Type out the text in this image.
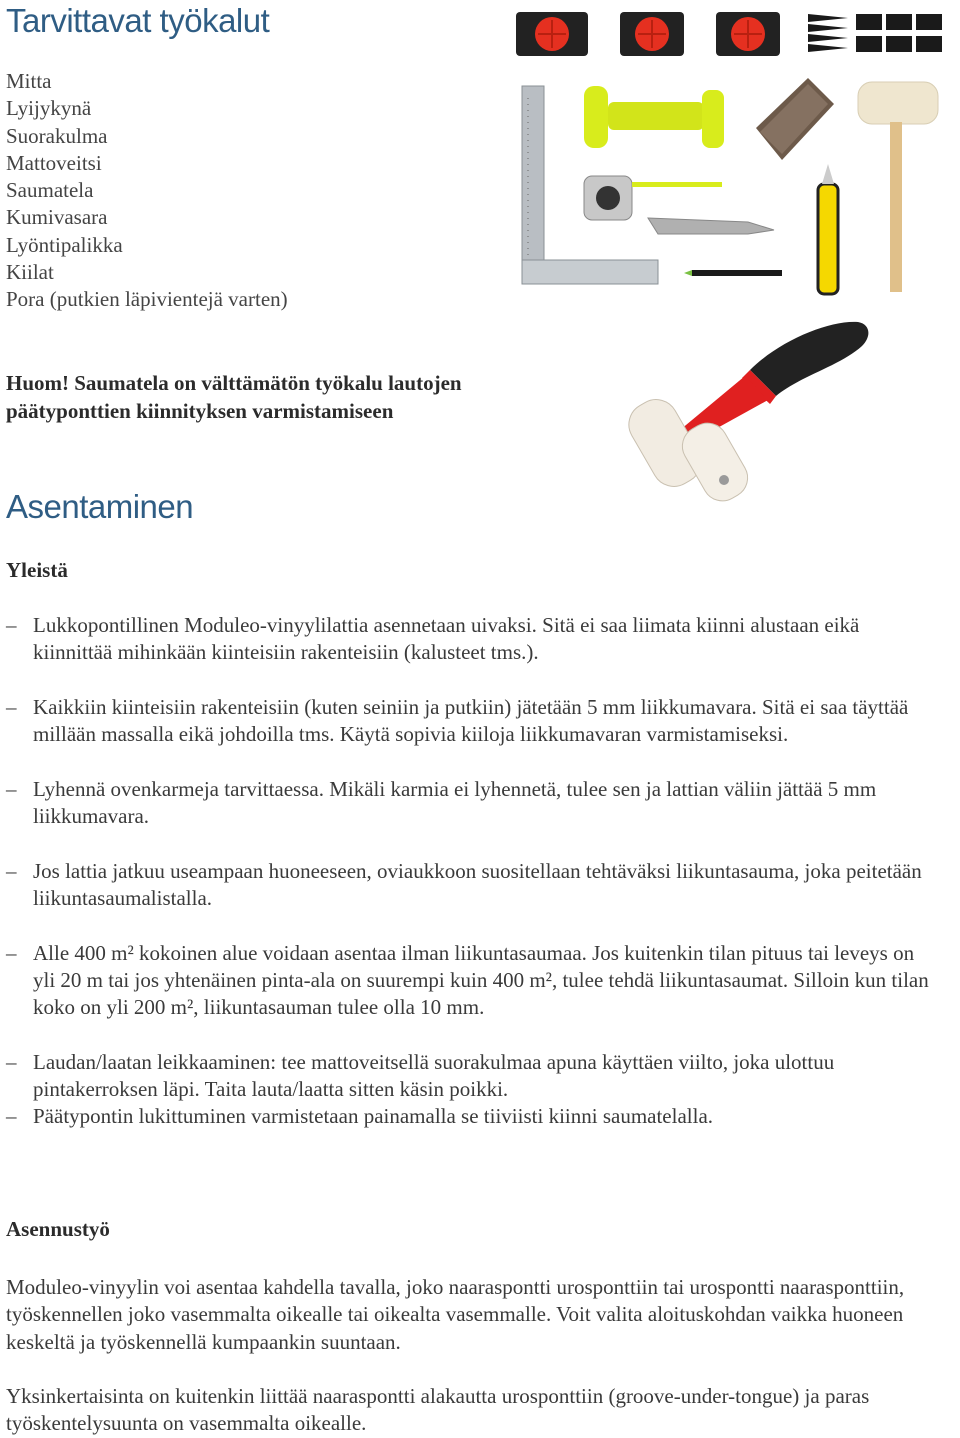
Tarvittavat työkalut
Mitta
Lyijykynä
Suorakulma
Mattoveitsi
Saumatela
Kumivasara
Lyöntipalikka
Kiilat
Pora (putkien läpivientejä varten)

Huom! Saumatela on välttämätön työkalu lautojen
päätyponttien kiinnityksen varmistamiseen

Asentaminen
Yleistä
– Lukkopontillinen Moduleo-vinyylilattia asennetaan uivaksi. Sitä ei saa liimata kiinni alustaan eikä kiinnittää mihinkään kiinteisiin rakenteisiin (kalusteet tms.).
– Kaikkiin kiinteisiin rakenteisiin (kuten seiniin ja putkiin) jätetään 5 mm liikkumavara. Sitä ei saa täyttää millään massalla eikä johdoilla tms. Käytä sopivia kiiloja liikkumavaran varmistamiseksi.
– Lyhennä ovenkarmeja tarvittaessa. Mikäli karmia ei lyhennetä, tulee sen ja lattian väliin jättää 5 mm liikkumavara.
– Jos lattia jatkuu useampaan huoneeseen, oviaukkoon suositellaan tehtäväksi liikuntasauma, joka peitetään liikuntasaumalistalla.
– Alle 400 m² kokoinen alue voidaan asentaa ilman liikuntasaumaa. Jos kuitenkin tilan pituus tai leveys on yli 20 m tai jos yhtenäinen pinta-ala on suurempi kuin 400 m², tulee tehdä liikuntasaumat. Silloin kun tilan koko on yli 200 m², liikuntasauman tulee olla 10 mm.
– Laudan/laatan leikkaaminen: tee mattoveitsellä suorakulmaa apuna käyttäen viilto, joka ulottuu pintakerroksen läpi. Taita lauta/laatta sitten käsin poikki.
– Päätypontin lukittuminen varmistetaan painamalla se tiiviisti kiinni saumatelalla.
Asennustyö

Moduleo-vinyylin voi asentaa kahdella tavalla, joko naaraspontti urosponttiin tai urospontti naarasponttiin, työskennellen joko vasemmalta oikealle tai oikealta vasemmalle. Voit valita aloituskohdan vaikka huoneen keskeltä ja työskennellä kumpaankin suuntaan.

Yksinkertaisinta on kuitenkin liittää naaraspontti alakautta urosponttiin (groove-under-tongue) ja paras työskentelysuunta on vasemmalta oikealle.
